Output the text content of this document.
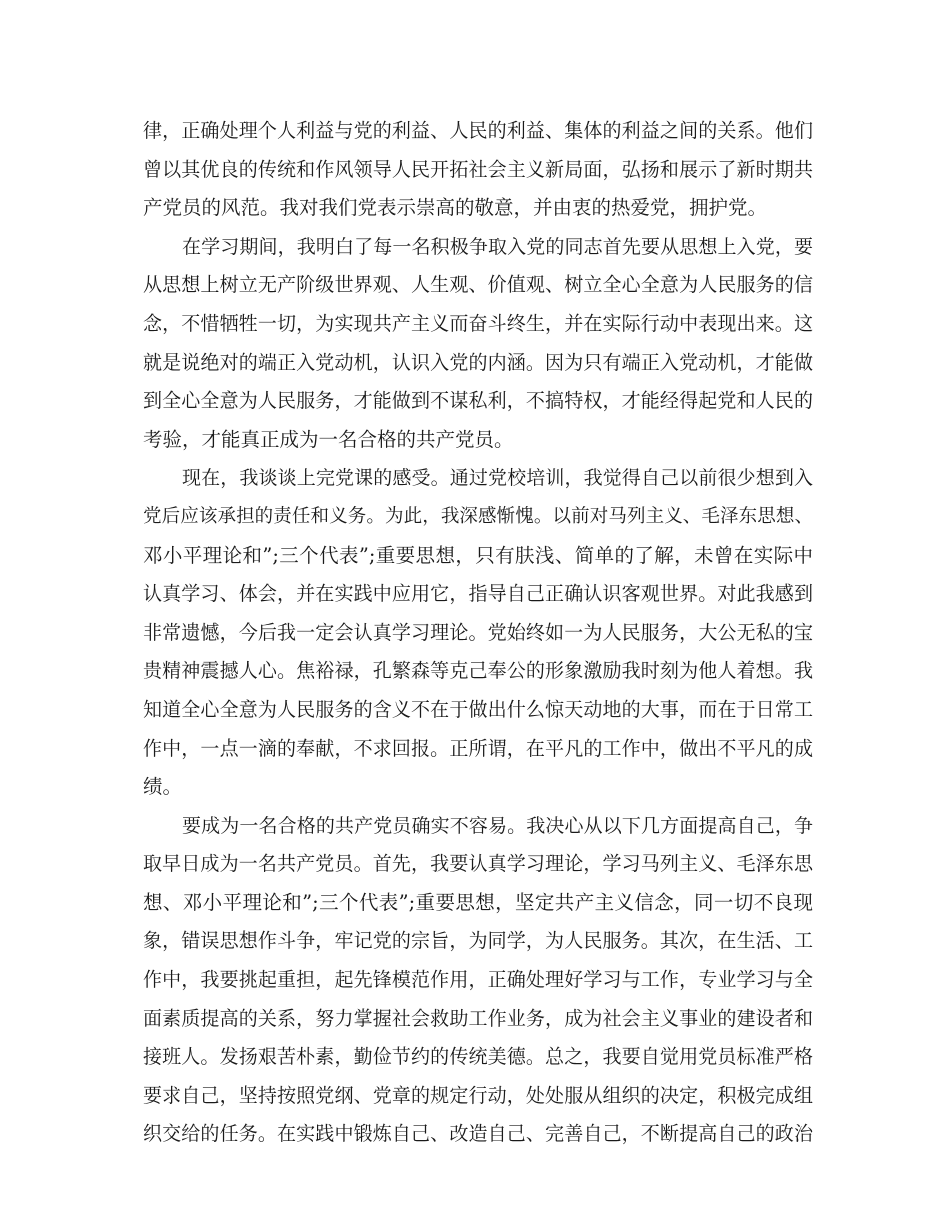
律，正确处理个人利益与党的利益、人民的利益、集体的利益之间的关系。他们
曾以其优良的传统和作风领导人民开拓社会主义新局面，弘扬和展示了新时期共
产党员的风范。我对我们党表示崇高的敬意，并由衷的热爱党，拥护党。
在学习期间，我明白了每一名积极争取入党的同志首先要从思想上入党，要
从思想上树立无产阶级世界观、人生观、价值观、树立全心全意为人民服务的信
念，不惜牺牲一切，为实现共产主义而奋斗终生，并在实际行动中表现出来。这
就是说绝对的端正入党动机，认识入党的内涵。因为只有端正入党动机，才能做
到全心全意为人民服务，才能做到不谋私利，不搞特权，才能经得起党和人民的
考验，才能真正成为一名合格的共产党员。
现在，我谈谈上完党课的感受。通过党校培训，我觉得自己以前很少想到入
党后应该承担的责任和义务。为此，我深感惭愧。以前对马列主义、毛泽东思想、
邓小平理论和”;三个代表”;重要思想，只有肤浅、简单的了解，未曾在实际中
认真学习、体会，并在实践中应用它，指导自己正确认识客观世界。对此我感到
非常遗憾，今后我一定会认真学习理论。党始终如一为人民服务，大公无私的宝
贵精神震撼人心。焦裕禄，孔繁森等克己奉公的形象激励我时刻为他人着想。我
知道全心全意为人民服务的含义不在于做出什么惊天动地的大事，而在于日常工
作中，一点一滴的奉献，不求回报。正所谓，在平凡的工作中，做出不平凡的成
绩。
要成为一名合格的共产党员确实不容易。我决心从以下几方面提高自己，争
取早日成为一名共产党员。首先，我要认真学习理论，学习马列主义、毛泽东思
想、邓小平理论和”;三个代表”;重要思想，坚定共产主义信念，同一切不良现
象，错误思想作斗争，牢记党的宗旨，为同学，为人民服务。其次，在生活、工
作中，我要挑起重担，起先锋模范作用，正确处理好学习与工作，专业学习与全
面素质提高的关系，努力掌握社会救助工作业务，成为社会主义事业的建设者和
接班人。发扬艰苦朴素，勤俭节约的传统美德。总之，我要自觉用党员标准严格
要求自己，坚持按照党纲、党章的规定行动，处处服从组织的决定，积极完成组
织交给的任务。在实践中锻炼自己、改造自己、完善自己，不断提高自己的政治
